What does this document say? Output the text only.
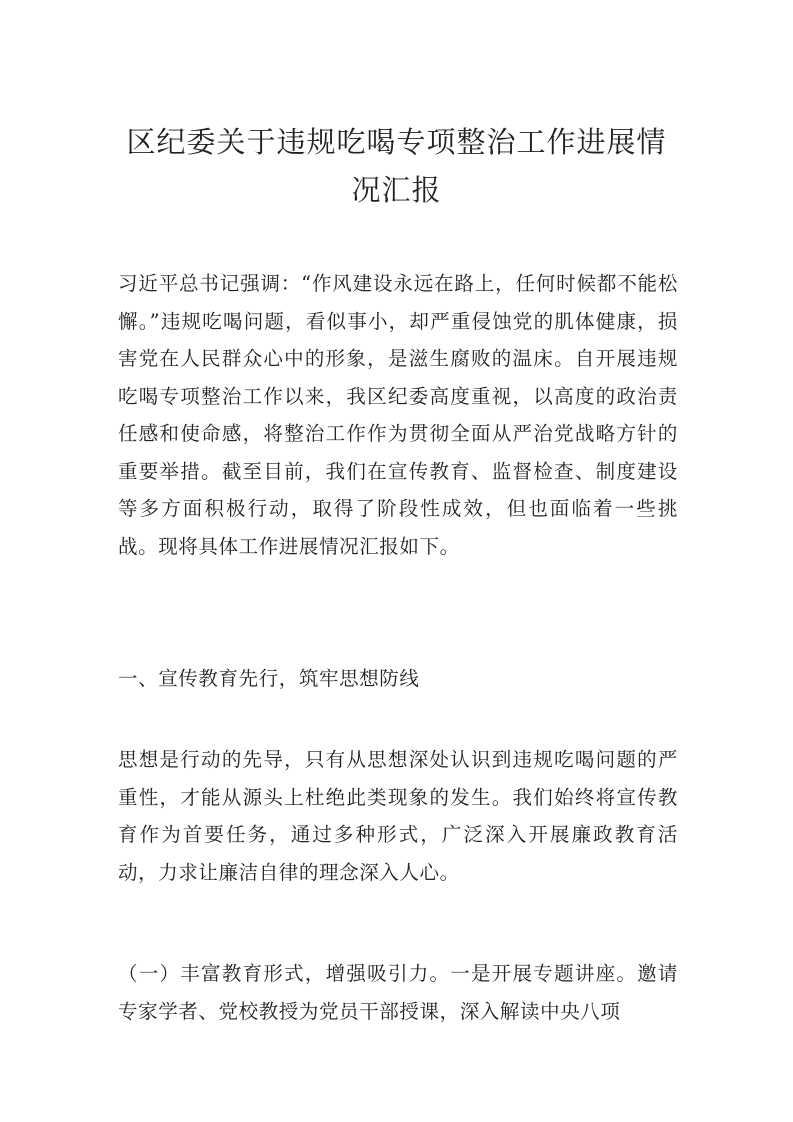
区纪委关于违规吃喝专项整治工作进展情况汇报

习近平总书记强调：“作风建设永远在路上，任何时候都不能松懈。”违规吃喝问题，看似事小，却严重侵蚀党的肌体健康，损害党在人民群众心中的形象，是滋生腐败的温床。自开展违规吃喝专项整治工作以来，我区纪委高度重视，以高度的政治责任感和使命感，将整治工作作为贯彻全面从严治党战略方针的重要举措。截至目前，我们在宣传教育、监督检查、制度建设等多方面积极行动，取得了阶段性成效，但也面临着一些挑战。现将具体工作进展情况汇报如下。

一、宣传教育先行，筑牢思想防线

思想是行动的先导，只有从思想深处认识到违规吃喝问题的严重性，才能从源头上杜绝此类现象的发生。我们始终将宣传教育作为首要任务，通过多种形式，广泛深入开展廉政教育活动，力求让廉洁自律的理念深入人心。

（一）丰富教育形式，增强吸引力。一是开展专题讲座。邀请专家学者、党校教授为党员干部授课，深入解读中央八项
